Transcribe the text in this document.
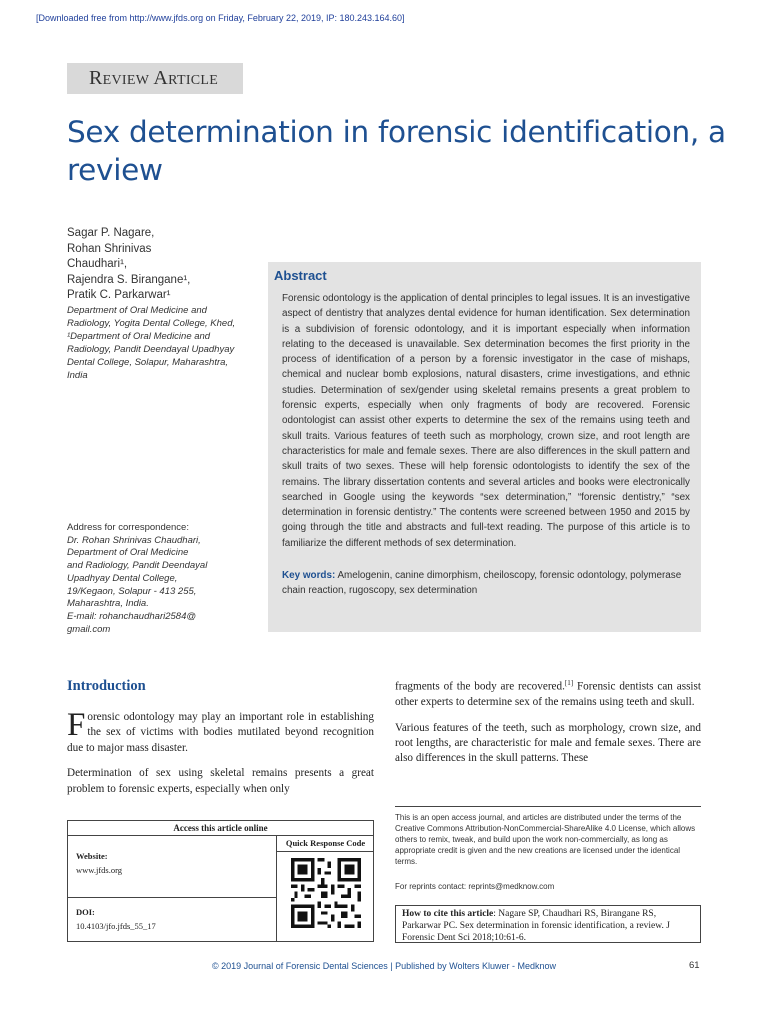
[Downloaded free from http://www.jfds.org on Friday, February 22, 2019, IP: 180.243.164.60]
Review Article
Sex determination in forensic identification, a review
Sagar P. Nagare,
Rohan Shrinivas
Chaudhari¹,
Rajendra S. Birangane¹,
Pratik C. Parkarwar¹
Department of Oral Medicine and Radiology, Yogita Dental College, Khed, ¹Department of Oral Medicine and Radiology, Pandit Deendayal Upadhyay Dental College, Solapur, Maharashtra, India
Address for correspondence:
Dr. Rohan Shrinivas Chaudhari,
Department of Oral Medicine
and Radiology, Pandit Deendayal
Upadhyay Dental College,
19/Kegaon, Solapur - 413 255,
Maharashtra, India.
E-mail: rohanchaudhari2584@
gmail.com
Abstract
Forensic odontology is the application of dental principles to legal issues. It is an investigative aspect of dentistry that analyzes dental evidence for human identification. Sex determination is a subdivision of forensic odontology, and it is important especially when information relating to the deceased is unavailable. Sex determination becomes the first priority in the process of identification of a person by a forensic investigator in the case of mishaps, chemical and nuclear bomb explosions, natural disasters, crime investigations, and ethnic studies. Determination of sex/gender using skeletal remains presents a great problem to forensic experts, especially when only fragments of body are recovered. Forensic odontologist can assist other experts to determine the sex of the remains using teeth and skull traits. Various features of teeth such as morphology, crown size, and root length are characteristics for male and female sexes. There are also differences in the skull pattern and skull traits of two sexes. These will help forensic odontologists to identify the sex of the remains. The library dissertation contents and several articles and books were electronically searched in Google using the keywords “sex determination,” “forensic dentistry,” “sex determination in forensic dentistry.” The contents were screened between 1950 and 2015 by going through the title and abstracts and full-text reading. The purpose of this article is to familiarize the different methods of sex determination.
Key words: Amelogenin, canine dimorphism, cheiloscopy, forensic odontology, polymerase chain reaction, rugoscopy, sex determination
Introduction

Forensic odontology may play an important role in establishing the sex of victims with bodies mutilated beyond recognition due to major mass disaster.

Determination of sex using skeletal remains presents a great problem to forensic experts, especially when only

fragments of the body are recovered.[1] Forensic dentists can assist other experts to determine sex of the remains using teeth and skull.

Various features of the teeth, such as morphology, crown size, and root lengths, are characteristic for male and female sexes. There are also differences in the skull patterns. These

Access this article online
Quick Response Code
Website:
www.jfds.org
DOI:
10.4103/jfo.jfds_55_17
This is an open access journal, and articles are distributed under the terms of the Creative Commons Attribution-NonCommercial-ShareAlike 4.0 License, which allows others to remix, tweak, and build upon the work non-commercially, as long as appropriate credit is given and the new creations are licensed under the identical terms.
For reprints contact: reprints@medknow.com
How to cite this article: Nagare SP, Chaudhari RS, Birangane RS, Parkarwar PC. Sex determination in forensic identification, a review. J Forensic Dent Sci 2018;10:61-6.
© 2019 Journal of Forensic Dental Sciences | Published by Wolters Kluwer - Medknow	61
